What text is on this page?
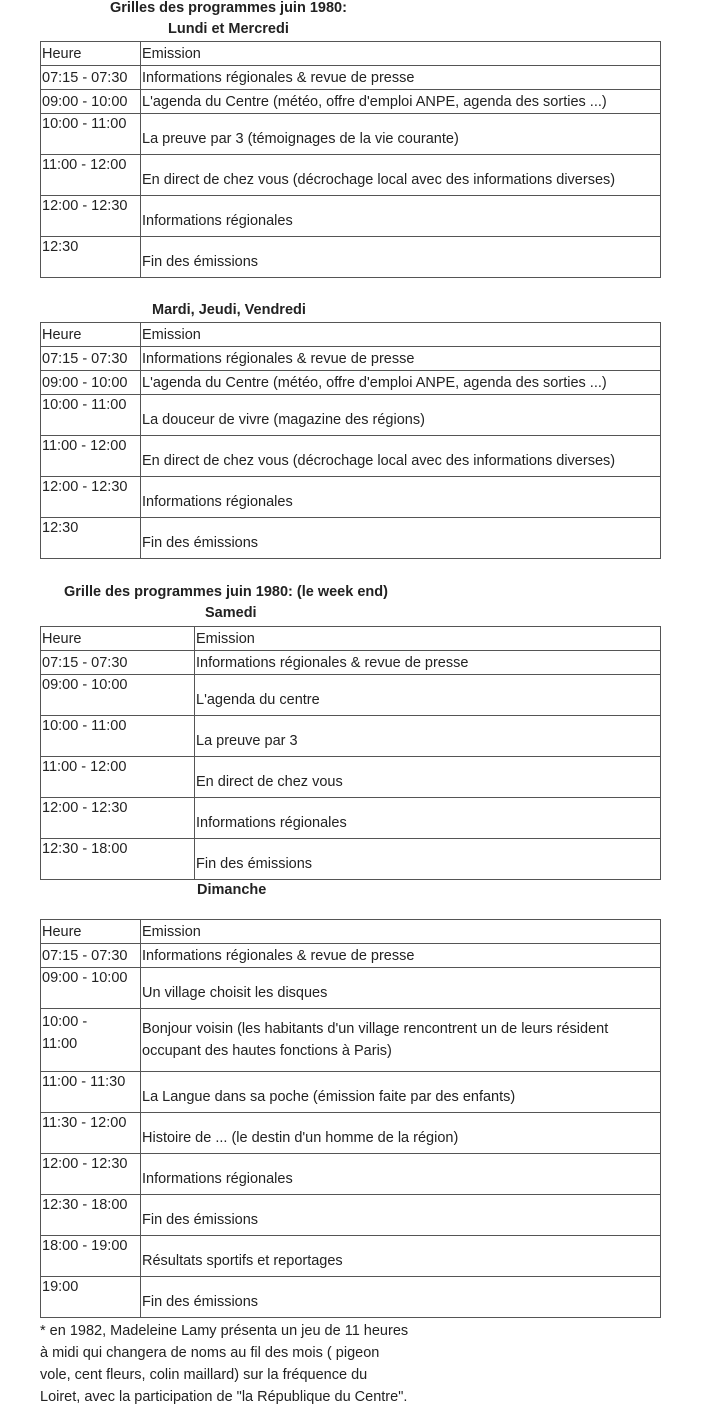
Grilles des programmes juin 1980:
Lundi et Mercredi
Heure	Emission
07:15 - 07:30	Informations régionales & revue de presse
09:00 - 10:00	L'agenda du Centre (météo, offre d'emploi ANPE, agenda des sorties ...)
10:00 - 11:00	La preuve par 3 (témoignages de la vie courante)
11:00 - 12:00	En direct de chez vous (décrochage local avec des informations diverses)
12:00 - 12:30	Informations régionales
12:30	Fin des émissions
Mardi, Jeudi, Vendredi
Heure	Emission
07:15 - 07:30	Informations régionales & revue de presse
09:00 - 10:00	L'agenda du Centre (météo, offre d'emploi ANPE, agenda des sorties ...)
10:00 - 11:00	La douceur de vivre (magazine des régions)
11:00 - 12:00	En direct de chez vous (décrochage local avec des informations diverses)
12:00 - 12:30	Informations régionales
12:30	Fin des émissions
Grille des programmes juin 1980: (le week end)
Samedi
Heure	Emission
07:15 - 07:30	Informations régionales & revue de presse
09:00 - 10:00	L'agenda du centre
10:00 - 11:00	La preuve par 3
11:00 - 12:00	En direct de chez vous
12:00 - 12:30	Informations régionales
12:30 - 18:00	Fin des émissions
Dimanche
Heure	Emission
07:15 - 07:30	Informations régionales & revue de presse
09:00 - 10:00	Un village choisit les disques
10:00 -
11:00	Bonjour voisin (les habitants d'un village rencontrent un de leurs résident
occupant des hautes fonctions à Paris)
11:00 - 11:30	La Langue dans sa poche (émission faite par des enfants)
11:30 - 12:00	Histoire de ... (le destin d'un homme de la région)
12:00 - 12:30	Informations régionales
12:30 - 18:00	Fin des émissions
18:00 - 19:00	Résultats sportifs et reportages
19:00	Fin des émissions
* en 1982, Madeleine Lamy présenta un jeu de 11 heures
à midi qui changera de noms au fil des mois ( pigeon
vole, cent fleurs, colin maillard) sur la fréquence du
Loiret, avec la participation de "la République du Centre".
